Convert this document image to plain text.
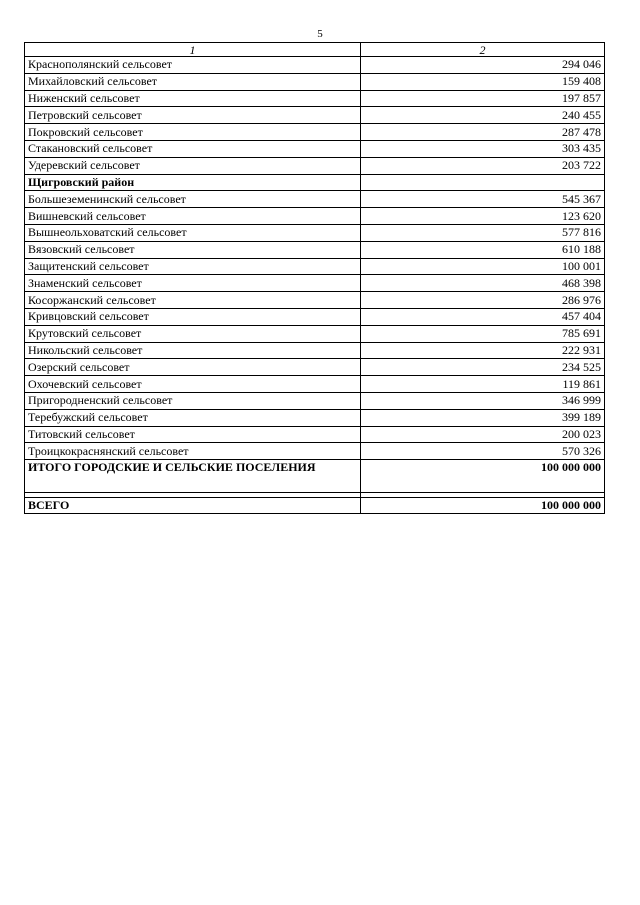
5
1	2
Краснополянский сельсовет	294 046
Михайловский сельсовет	159 408
Ниженский сельсовет	197 857
Петровский сельсовет	240 455
Покровский сельсовет	287 478
Стакановский сельсовет	303 435
Удеревский сельсовет	203 722
Щигровский район	
Большеземенинский сельсовет	545 367
Вишневский сельсовет	123 620
Вышнеольховатский сельсовет	577 816
Вязовский сельсовет	610 188
Защитенский сельсовет	100 001
Знаменский сельсовет	468 398
Косоржанский сельсовет	286 976
Кривцовский сельсовет	457 404
Крутовский сельсовет	785 691
Никольский сельсовет	222 931
Озерский сельсовет	234 525
Охочевский сельсовет	119 861
Пригородненский сельсовет	346 999
Теребужский сельсовет	399 189
Титовский сельсовет	200 023
Троицкокраснянский сельсовет	570 326
ИТОГО ГОРОДСКИЕ И СЕЛЬСКИЕ ПОСЕЛЕНИЯ	100 000 000

ВСЕГО	100 000 000
